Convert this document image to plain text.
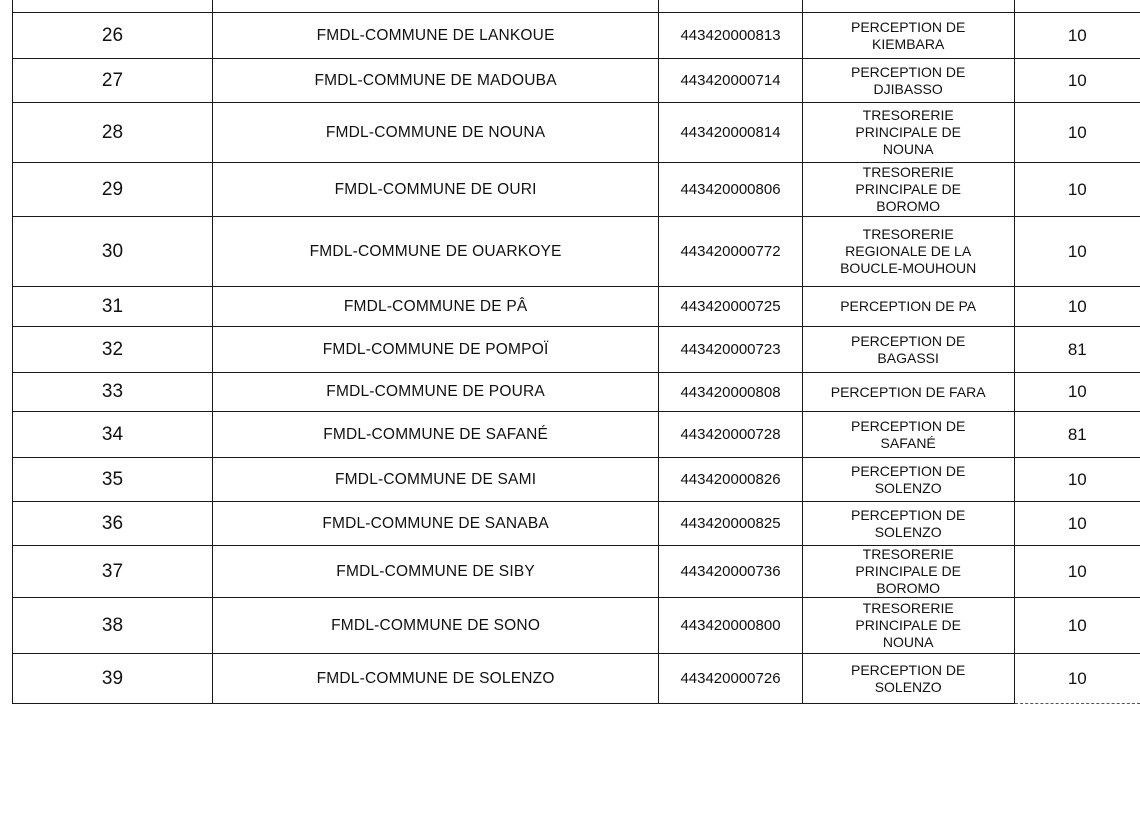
26	FMDL-COMMUNE DE LANKOUE	443420000813	PERCEPTION DE
KIEMBARA	10
27	FMDL-COMMUNE DE MADOUBA	443420000714	PERCEPTION DE
DJIBASSO	10
28	FMDL-COMMUNE DE NOUNA	443420000814	TRESORERIE
PRINCIPALE DE
NOUNA	10
29	FMDL-COMMUNE DE OURI	443420000806	TRESORERIE
PRINCIPALE DE
BOROMO	10
30	FMDL-COMMUNE DE OUARKOYE	443420000772	TRESORERIE
REGIONALE DE LA
BOUCLE-MOUHOUN	10
31	FMDL-COMMUNE DE PÂ	443420000725	PERCEPTION DE PA	10
32	FMDL-COMMUNE DE POMPOÏ	443420000723	PERCEPTION DE
BAGASSI	81
33	FMDL-COMMUNE DE POURA	443420000808	PERCEPTION DE FARA	10
34	FMDL-COMMUNE DE SAFANÉ	443420000728	PERCEPTION DE
SAFANÉ	81
35	FMDL-COMMUNE DE SAMI	443420000826	PERCEPTION DE
SOLENZO	10
36	FMDL-COMMUNE DE SANABA	443420000825	PERCEPTION DE
SOLENZO	10
37	FMDL-COMMUNE DE SIBY	443420000736	TRESORERIE
PRINCIPALE DE
BOROMO	10
38	FMDL-COMMUNE DE SONO	443420000800	TRESORERIE
PRINCIPALE DE
NOUNA	10
39	FMDL-COMMUNE DE SOLENZO	443420000726	PERCEPTION DE
SOLENZO	10
